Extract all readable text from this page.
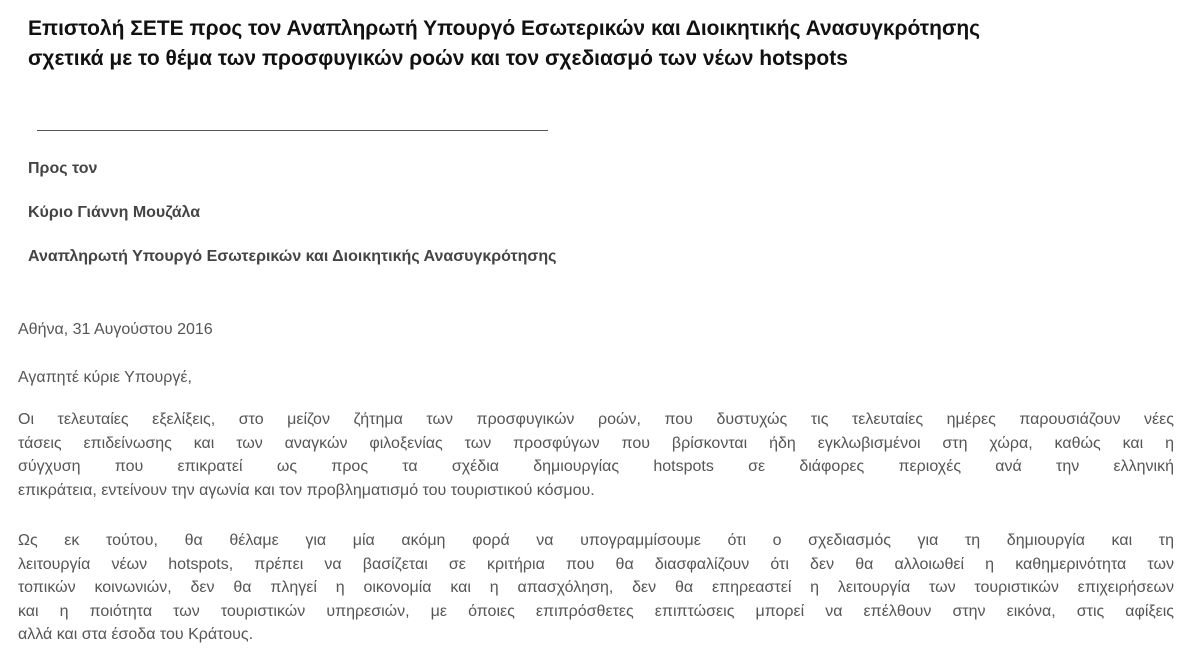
Επιστολή ΣΕΤΕ προς τον Αναπληρωτή Υπουργό Εσωτερικών και Διοικητικής Ανασυγκρότησης
σχετικά με το θέμα των προσφυγικών ροών και τον σχεδιασμό των νέων hotspots

Προς τον

Κύριο Γιάννη Μουζάλα

Αναπληρωτή Υπουργό Εσωτερικών και Διοικητικής Ανασυγκρότησης

Αθήνα, 31 Αυγούστου 2016

Αγαπητέ κύριε Υπουργέ,

Οι τελευταίες εξελίξεις, στο μείζον ζήτημα των προσφυγικών ροών, που δυστυχώς τις τελευταίες ημέρες παρουσιάζουν νέες
τάσεις επιδείνωσης και των αναγκών φιλοξενίας των προσφύγων που βρίσκονται ήδη εγκλωβισμένοι στη χώρα, καθώς και η
σύγχυση που επικρατεί ως προς τα σχέδια δημιουργίας hotspots σε διάφορες περιοχές ανά την ελληνική
επικράτεια, εντείνουν την αγωνία και τον προβληματισμό του τουριστικού κόσμου.

Ως εκ τούτου, θα θέλαμε για μία ακόμη φορά να υπογραμμίσουμε ότι ο σχεδιασμός για τη δημιουργία και τη
λειτουργία νέων hotspots, πρέπει να βασίζεται σε κριτήρια που θα διασφαλίζουν ότι δεν θα αλλοιωθεί η καθημερινότητα των
τοπικών κοινωνιών, δεν θα πληγεί η οικονομία και η απασχόληση, δεν θα επηρεαστεί η λειτουργία των τουριστικών επιχειρήσεων
και η ποιότητα των τουριστικών υπηρεσιών, με όποιες επιπρόσθετες επιπτώσεις μπορεί να επέλθουν στην εικόνα, στις αφίξεις
αλλά και στα έσοδα του Κράτους.
